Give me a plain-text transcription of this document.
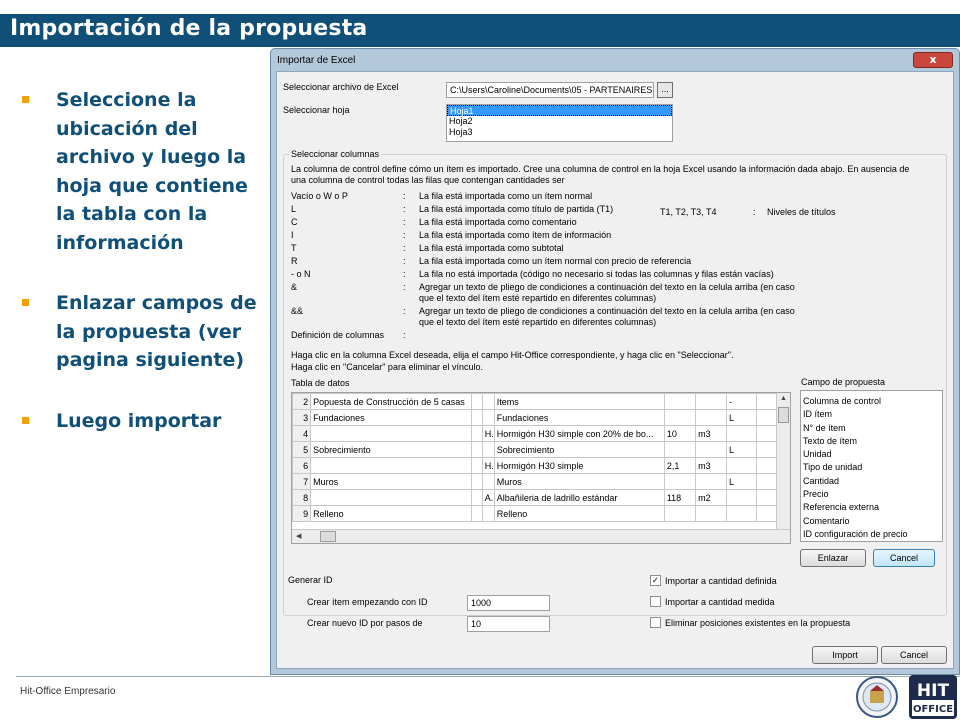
Importación de la propuesta
Seleccione la ubicación del archivo y luego la hoja que contiene la tabla con la información
Enlazar campos de la propuesta (ver pagina siguiente)
Luego importar
Importar de Excel	x
Seleccionar archivo de Excel	C:\Users\Caroline\Documents\05 - PARTENAIRES	...
Seleccionar hoja	Hoja1
Hoja2
Hoja3
Seleccionar columnas
La columna de control define cómo un ítem es importado. Cree una columna de control en la hoja Excel usando la información dada abajo. En ausencia de
una columna de control todas las filas que contengan cantidades ser
Vacío o W o P	: La fila está importada como un ítem normal
L	: La fila está importada como título de partida (T1)
C	: La fila está importada como comentario
I	: La fila está importada como ítem de información
T	: La fila está importada como subtotal
R	: La fila está importada como un ítem normal con precio de referencia
- o N	: La fila no está importada (código no necesario si todas las columnas y filas están vacías)
&	: Agregar un texto de pliego de condiciones a continuación del texto en la celula arriba (en caso
que el texto del ítem esté repartido en diferentes columnas)
&&	: Agregar un texto de pliego de condiciones a continuación del texto en la celula arriba (en caso
que el texto del ítem esté repartido en diferentes columnas)
T1, T2, T3, T4	: Niveles de títulos
Definición de columnas :
Haga clic en la columna Excel deseada, elija el campo Hit-Office correspondiente, y haga clic en "Seleccionar".
Haga clic en "Cancelar" para eliminar el vínculo.
Tabla de datos
2	Popuesta de Construcción de 5 casas			Items			-	
3	Fundaciones			Fundaciones			L	
4			H.	Hormigón H30 simple con 20% de bo...	10	m3		
5	Sobrecimiento			Sobrecimiento			L	
6			H.	Hormigón H30 simple	2,1	m3		
7	Muros			Muros			L	
8			A.	Albañileria de ladrillo estándar	118	m2		
9	Relleno			Relleno				
▲
◀
Campo de propuesta
Columna de control
ID ítem
N° de ítem
Texto de ítem
Unidad
Tipo de unidad
Cantidad
Precio
Referencia externa
Comentario
ID configuración de precio
Enlazar	Cancel
Generar ID
Crear ítem empezando con ID	1000
Crear nuevo ID por pasos de	10
✓ Importar a cantidad definida
Importar a cantidad medida
Eliminar posiciones existentes en la propuesta
Import	Cancel
Hit-Office Empresario	HIT
OFFICE
